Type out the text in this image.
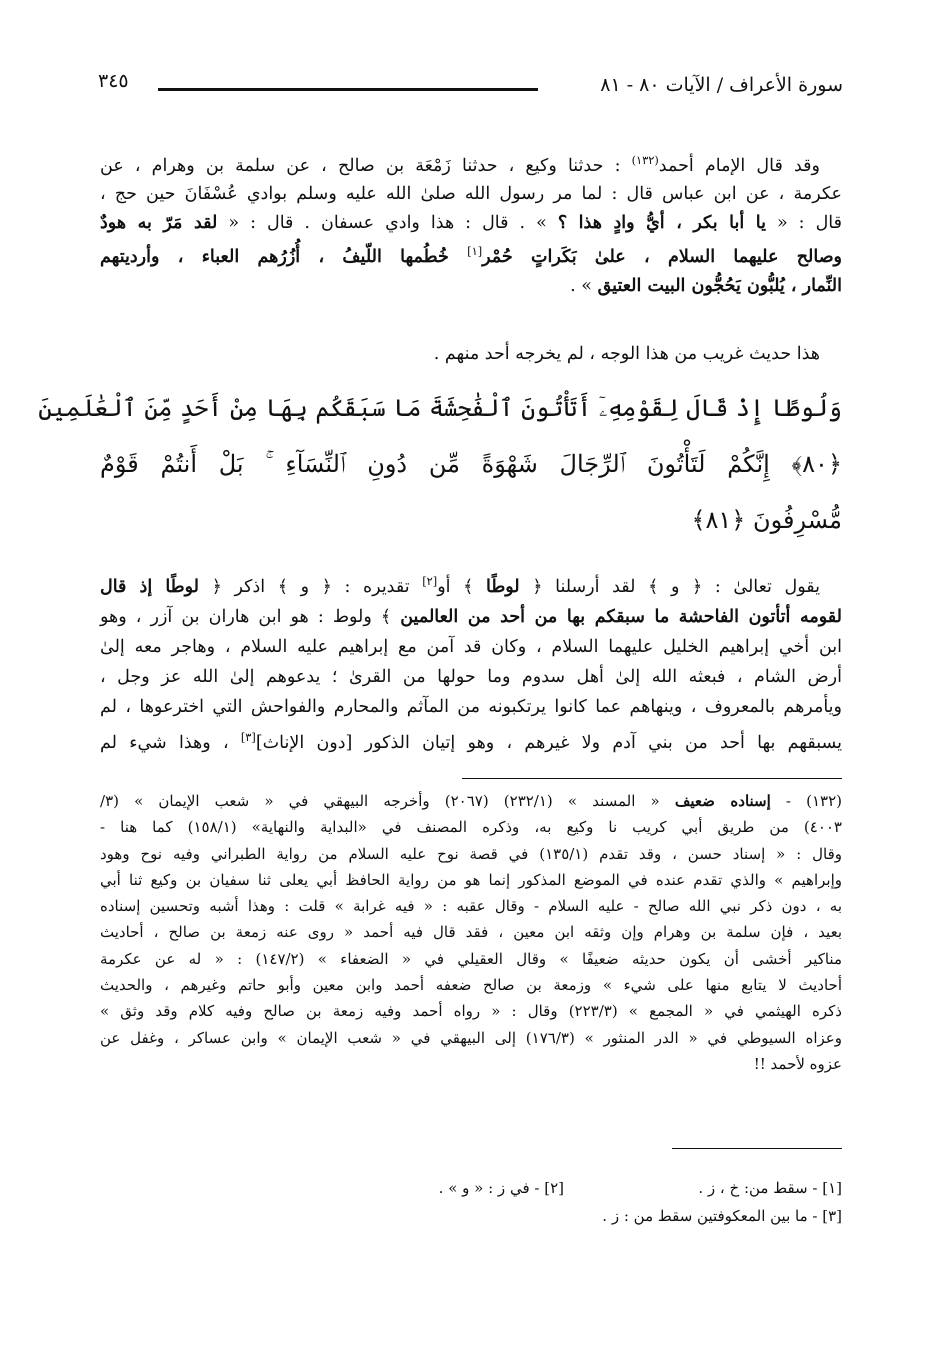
سورة الأعراف / الآيات ٨٠ - ٨١
٣٤٥
وقد قال الإمام أحمد$^{(١٣٢)}$ : حدثنا وكيع ، حدثنا زَمْعَة بن صالح ، عن سلمة بن وهرام ، عن
عكرمة ، عن ابن عباس قال : لما مر رسول الله صلىٰ الله عليه وسلم بوادي عُسْفَانَ حين حج ،
قال : « يا أبا بكر ، أيُّ وادٍ هذا ؟ » . قال : هذا وادي عسفان . قال : « لقد مَرّ به هودٌ
وصالح عليهما السلام ، علىٰ بَكَراتٍ حُمْر[١] خُطُمها اللّيفُ ، أُزُرُهم العباء ، وأرديتهم
النِّمار ، يُلبُّون يَحُجُّون البيت العتيق » .
هذا حديث غريب من هذا الوجه ، لم يخرجه أحد منهم .
وَلُوطًا إِذْ قَالَ لِقَوْمِهِۦٓ أَتَأْتُونَ ٱلْفَٰحِشَةَ مَا سَبَقَكُم بِهَا مِنْ أَحَدٍ مِّنَ ٱلْعَٰلَمِينَ
﴿٨٠﴾ إِنَّكُمْ لَتَأْتُونَ ٱلرِّجَالَ شَهْوَةً مِّن دُونِ ٱلنِّسَآءِ ۚ بَلْ أَنتُمْ قَوْمٌ
مُّسْرِفُونَ ﴿٨١﴾
يقول تعالىٰ : ﴿ و ﴾ لقد أرسلنا ﴿ لوطًا ﴾ أو[٢] تقديره : ﴿ و ﴾ اذكر ﴿ لوطًا إذ قال
لقومه أتأتون الفاحشة ما سبقكم بها من أحد من العالمين ﴾ ولوط : هو ابن هاران بن آزر ، وهو
ابن أخي إبراهيم الخليل عليهما السلام ، وكان قد آمن مع إبراهيم عليه السلام ، وهاجر معه إلىٰ
أرض الشام ، فبعثه الله إلىٰ أهل سدوم وما حولها من القرىٰ ؛ يدعوهم إلىٰ الله عز وجل ،
ويأمرهم بالمعروف ، وينهاهم عما كانوا يرتكبونه من المآثم والمحارم والفواحش التي اخترعوها ، لم
يسبقهم بها أحد من بني آدم ولا غيرهم ، وهو إتيان الذكور [دون الإناث][٣] ، وهذا شيء لم
(١٣٢) - إسناده ضعيف « المسند » (٢٣٢/١) (٢٠٦٧) وأخرجه البيهقي في « شعب الإيمان » (٣/
٤٠٠٣) من طريق أبي كريب نا وكيع به، وذكره المصنف في «البداية والنهاية» (١٥٨/١) كما هنا -
وقال : « إسناد حسن ، وقد تقدم (١٣٥/١) في قصة نوح عليه السلام من رواية الطبراني وفيه نوح وهود
وإبراهيم » والذي تقدم عنده في الموضع المذكور إنما هو من رواية الحافظ أبي يعلى ثنا سفيان بن وكيع ثنا أبي
به ، دون ذكر نبي الله صالح - عليه السلام - وقال عقبه : « فيه غرابة » قلت : وهذا أشبه وتحسين إسناده
بعيد ، فإن سلمة بن وهرام وإن وثقه ابن معين ، فقد قال فيه أحمد « روى عنه زمعة بن صالح ، أحاديث
مناكير أخشى أن يكون حديثه ضعيفًا » وقال العقيلي في « الضعفاء » (١٤٧/٢) : « له عن عكرمة
أحاديث لا يتابع منها على شيء » وزمعة بن صالح ضعفه أحمد وابن معين وأبو حاتم وغيرهم ، والحديث
ذكره الهيثمي في « المجمع » (٢٢٣/٣) وقال : « رواه أحمد وفيه زمعة بن صالح وفيه كلام وقد وثق »
وعزاه السيوطي في « الدر المنثور » (١٧٦/٣) إلى البيهقي في « شعب الإيمان » وابن عساكر ، وغفل عن
عزوه لأحمد !!
[١] - سقط من: خ ، ز .
[٢] - في ز : « و » .
[٣] - ما بين المعكوفتين سقط من : ز .
